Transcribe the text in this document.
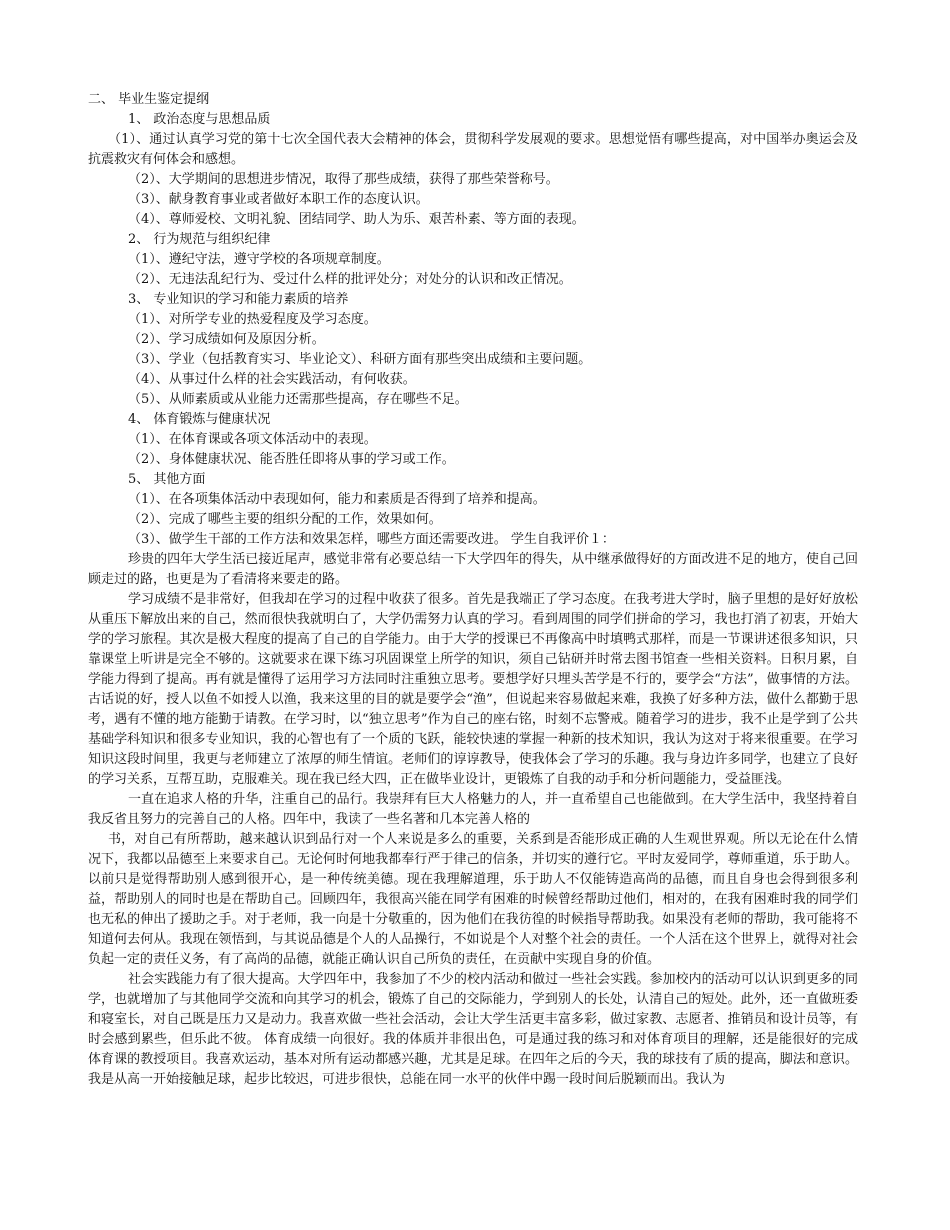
二、 毕业生鉴定提纲
1、 政治态度与思想品质

（1）、通过认真学习党的第十七次全国代表大会精神的体会，贯彻科学发展观的要求。思想觉悟有哪些提高，对中国举办奥运会及抗震救灾有何体会和感想。

（2）、大学期间的思想进步情况，取得了那些成绩，获得了那些荣誉称号。
（3）、献身教育事业或者做好本职工作的态度认识。
（4）、尊师爱校、文明礼貌、团结同学、助人为乐、艰苦朴素、等方面的表现。
2、 行为规范与组织纪律
（1）、遵纪守法，遵守学校的各项规章制度。
（2）、无违法乱纪行为、受过什么样的批评处分；对处分的认识和改正情况。
3、 专业知识的学习和能力素质的培养
（1）、对所学专业的热爱程度及学习态度。
（2）、学习成绩如何及原因分析。
（3）、学业（包括教育实习、毕业论文）、科研方面有那些突出成绩和主要问题。
（4）、从事过什么样的社会实践活动，有何收获。
（5）、从师素质或从业能力还需那些提高，存在哪些不足。
4、 体育锻炼与健康状况
（1）、在体育课或各项文体活动中的表现。
（2）、身体健康状况、能否胜任即将从事的学习或工作。
5、 其他方面
（1）、在各项集体活动中表现如何，能力和素质是否得到了培养和提高。
（2）、完成了哪些主要的组织分配的工作，效果如何。
（3）、做学生干部的工作方法和效果怎样，哪些方面还需要改进。 学生自我评价１：

珍贵的四年大学生活已接近尾声，感觉非常有必要总结一下大学四年的得失，从中继承做得好的方面改进不足的地方，使自己回顾走过的路，也更是为了看清将来要走的路。

学习成绩不是非常好，但我却在学习的过程中收获了很多。首先是我端正了学习态度。在我考进大学时，脑子里想的是好好放松从重压下解放出来的自己，然而很快我就明白了，大学仍需努力认真的学习。看到周围的同学们拼命的学习，我也打消了初衷，开始大学的学习旅程。其次是极大程度的提高了自己的自学能力。由于大学的授课已不再像高中时填鸭式那样，而是一节课讲述很多知识，只靠课堂上听讲是完全不够的。这就要求在课下练习巩固课堂上所学的知识，须自己钻研并时常去图书馆查一些相关资料。日积月累，自学能力得到了提高。再有就是懂得了运用学习方法同时注重独立思考。要想学好只埋头苦学是不行的，要学会“方法”，做事情的方法。古话说的好，授人以鱼不如授人以渔，我来这里的目的就是要学会“渔”，但说起来容易做起来难，我换了好多种方法，做什么都勤于思考，遇有不懂的地方能勤于请教。在学习时，以“独立思考”作为自己的座右铭，时刻不忘警戒。随着学习的进步，我不止是学到了公共基础学科知识和很多专业知识，我的心智也有了一个质的飞跃，能较快速的掌握一种新的技术知识，我认为这对于将来很重要。在学习知识这段时间里，我更与老师建立了浓厚的师生情谊。老师们的谆谆教导，使我体会了学习的乐趣。我与身边许多同学，也建立了良好的学习关系，互帮互助，克服难关。现在我已经大四，正在做毕业设计，更锻炼了自我的动手和分析问题能力，受益匪浅。

一直在追求人格的升华，注重自己的品行。我崇拜有巨大人格魅力的人，并一直希望自己也能做到。在大学生活中，我坚持着自我反省且努力的完善自己的人格。四年中，我读了一些名著和几本完善人格的

书，对自己有所帮助，越来越认识到品行对一个人来说是多么的重要，关系到是否能形成正确的人生观世界观。所以无论在什么情况下，我都以品德至上来要求自己。无论何时何地我都奉行严于律己的信条，并切实的遵行它。平时友爱同学，尊师重道，乐于助人。以前只是觉得帮助别人感到很开心，是一种传统美德。现在我理解道理，乐于助人不仅能铸造高尚的品德，而且自身也会得到很多利益，帮助别人的同时也是在帮助自己。回顾四年，我很高兴能在同学有困难的时候曾经帮助过他们，相对的，在我有困难时我的同学们也无私的伸出了援助之手。对于老师，我一向是十分敬重的，因为他们在我彷徨的时候指导帮助我。如果没有老师的帮助，我可能将不知道何去何从。我现在领悟到，与其说品德是个人的人品操行，不如说是个人对整个社会的责任。一个人活在这个世界上，就得对社会负起一定的责任义务，有了高尚的品德，就能正确认识自己所负的责任，在贡献中实现自身的价值。

社会实践能力有了很大提高。大学四年中，我参加了不少的校内活动和做过一些社会实践。参加校内的活动可以认识到更多的同学，也就增加了与其他同学交流和向其学习的机会，锻炼了自己的交际能力，学到别人的长处，认清自己的短处。此外，还一直做班委和寝室长，对自己既是压力又是动力。我喜欢做一些社会活动，会让大学生活更丰富多彩，做过家教、志愿者、推销员和设计员等，有时会感到累些，但乐此不彼。 体育成绩一向很好。我的体质并非很出色，可是通过我的练习和对体育项目的理解，还是能很好的完成体育课的教授项目。我喜欢运动，基本对所有运动都感兴趣，尤其是足球。在四年之后的今天，我的球技有了质的提高，脚法和意识。我是从高一开始接触足球，起步比较迟，可进步很快，总能在同一水平的伙伴中踢一段时间后脱颖而出。我认为
